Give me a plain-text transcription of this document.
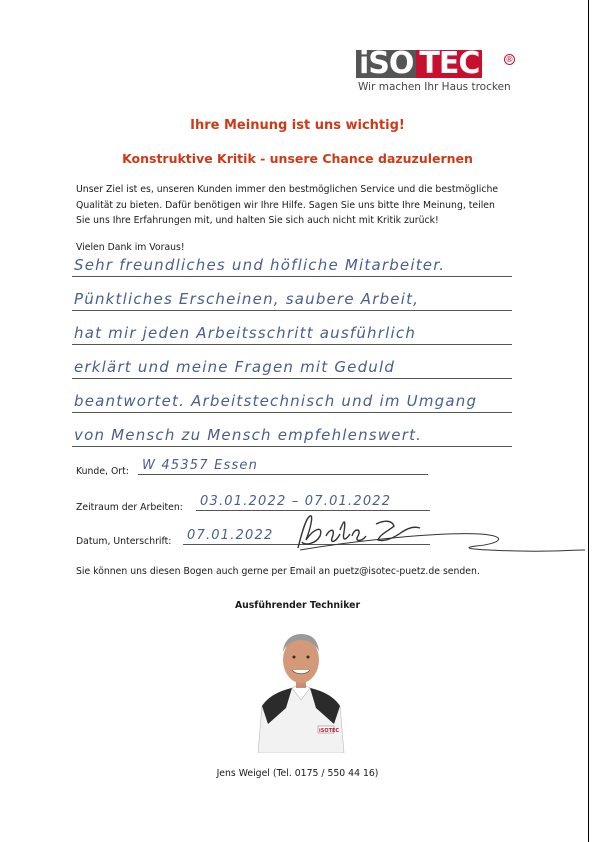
iSO TEC	®
Wir machen Ihr Haus trocken
Ihre Meinung ist uns wichtig!
Konstruktive Kritik - unsere Chance dazuzulernen
Unser Ziel ist es, unseren Kunden immer den bestmöglichen Service und die bestmögliche
Qualität zu bieten. Dafür benötigen wir Ihre Hilfe. Sagen Sie uns bitte Ihre Meinung, teilen
Sie uns Ihre Erfahrungen mit, und halten Sie sich auch nicht mit Kritik zurück!
Vielen Dank im Voraus!
Sehr freundliches und höfliche Mitarbeiter.
Pünktliches Erscheinen, saubere Arbeit,
hat mir jeden Arbeitsschritt ausführlich
erklärt und meine Fragen mit Geduld
beantwortet. Arbeitstechnisch und im Umgang
von Mensch zu Mensch empfehlenswert.
Kunde, Ort: W 45357 Essen
Zeitraum der Arbeiten: 03.01.2022 – 07.01.2022
Datum, Unterschrift: 07.01.2022
Sie können uns diesen Bogen auch gerne per Email an puetz@isotec-puetz.de senden.
Ausführender Techniker
iSOTEC
Jens Weigel (Tel. 0175 / 550 44 16)
